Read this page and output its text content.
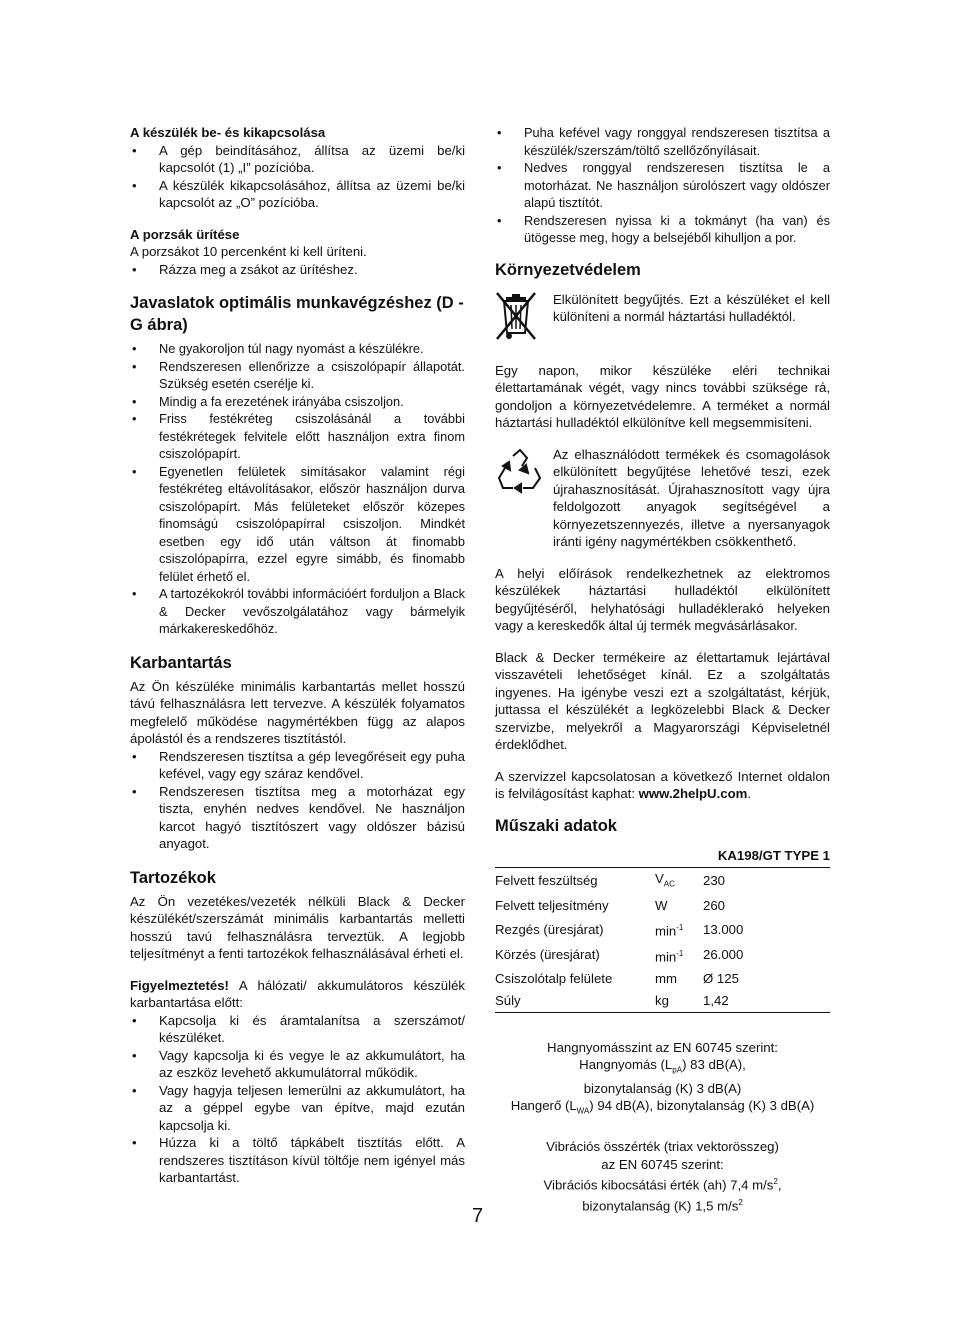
A készülék be- és kikapcsolása
• A gép beindításához, állítsa az üzemi be/ki kapcsolót (1) „I” pozícióba.
• A készülék kikapcsolásához, állítsa az üzemi be/ki kapcsolót az „O” pozícióba.
A porzsák ürítése

A porzsákot 10 percenként ki kell üríteni.

• Rázza meg a zsákot az ürítéshez.
Javaslatok optimális munkavégzéshez (D - G ábra)
• Ne gyakoroljon túl nagy nyomást a készülékre.
• Rendszeresen ellenőrizze a csiszolópapír állapotát. Szükség esetén cserélje ki.
• Mindig a fa erezetének irányába csiszoljon.
• Friss festékréteg csiszolásánál a további festékrétegek felvitele előtt használjon extra finom csiszolópapírt.
• Egyenetlen felületek simításakor valamint régi festékréteg eltávolításakor, először használjon durva csiszolópapírt. Más felületeket először közepes finomságú csiszolópapírral csiszoljon. Mindkét esetben egy idő után váltson át finomabb csiszolópapírra, ezzel egyre simább, és finomabb felület érhető el.
• A tartozékokról további információért forduljon a Black & Decker vevőszolgálatához vagy bármelyik márkakereskedőhöz.
Karbantartás

Az Ön készüléke minimális karbantartás mellet hosszú távú felhasználásra lett tervezve. A készülék folyamatos megfelelő működése nagymértékben függ az alapos ápolástól és a rendszeres tisztítástól.

• Rendszeresen tisztítsa a gép levegőréseit egy puha kefével, vagy egy száraz kendővel.
• Rendszeresen tisztítsa meg a motorházat egy tiszta, enyhén nedves kendővel. Ne használjon karcot hagyó tisztítószert vagy oldószer bázisú anyagot.
Tartozékok

Az Ön vezetékes/vezeték nélküli Black & Decker készülékét/szerszámát minimális karbantartás melletti hosszú tavú felhasználásra terveztük. A legjobb teljesítményt a fenti tartozékok felhasználásával érheti el.

Figyelmeztetés! A hálózati/ akkumulátoros készülék karbantartása előtt:

• Kapcsolja ki és áramtalanítsa a szerszámot/ készüléket.
• Vagy kapcsolja ki és vegye le az akkumulátort, ha az eszköz levehető akkumulátorral működik.
• Vagy hagyja teljesen lemerülni az akkumulátort, ha az a géppel egybe van építve, majd ezután kapcsolja ki.
• Húzza ki a töltő tápkábelt tisztítás előtt. A rendszeres tisztításon kívül töltője nem igényel más karbantartást.
• Puha kefével vagy ronggyal rendszeresen tisztítsa a készülék/szerszám/töltő szellőzőnyílásait.
• Nedves ronggyal rendszeresen tisztítsa le a motorházat. Ne használjon súrolószert vagy oldószer alapú tisztítót.
• Rendszeresen nyissa ki a tokmányt (ha van) és ütögesse meg, hogy a belsejéből kihulljon a por.
Környezetvédelem

Elkülönített begyűjtés. Ezt a készüléket el kell különíteni a normál háztartási hulladéktól.

Egy napon, mikor készüléke eléri technikai élettartamának végét, vagy nincs további szüksége rá, gondoljon a környezetvédelemre. A terméket a normál háztartási hulladéktól elkülönítve kell megsemmisíteni.

Az elhasználódott termékek és csomagolások elkülönített begyűjtése lehetővé teszi, ezek újrahasznosítását. Újrahasznosított vagy újra feldolgozott anyagok segítségével a környezetszennyezés, illetve a nyersanyagok iránti igény nagymértékben csökkenthető.

A helyi előírások rendelkezhetnek az elektromos készülékek háztartási hulladéktól elkülönített begyűjtéséről, helyhatósági hulladéklerakó helyeken vagy a kereskedők által új termék megvásárlásakor.

Black & Decker termékeire az élettartamuk lejártával visszavételi lehetőséget kínál. Ez a szolgáltatás ingyenes. Ha igénybe veszi ezt a szolgáltatást, kérjük, juttassa el készülékét a legközelebbi Black & Decker szervizbe, melyekről a Magyarországi Képviseletnél érdeklődhet.

A szervizzel kapcsolatosan a következő Internet oldalon is felvilágosítást kaphat: www.2helpU.com.

Műszaki adatok
		KA198/GT TYPE 1
Felvett feszültség	$V_{AC}$	230
Felvett teljesítmény	W	260
Rezgés (üresjárat)	$\min^{-1}$	13.000
Körzés (üresjárat)	$\min^{-1}$	26.000
Csiszolótalp felülete	mm	Ø 125
Súly	kg	1,42
Hangnyomásszint az EN 60745 szerint:
Hangnyomás $(L_{pA})$ 83 dB(A),
bizonytalanság (K) 3 dB(A)
Hangerő $(L_{WA})$ 94 dB(A), bizonytalanság (K) 3 dB(A)
Vibrációs összérték (triax vektorösszeg)
az EN 60745 szerint:
Vibrációs kibocsátási érték (ah) 7,4 $m/s^2$,
bizonytalanság (K) 1,5 $m/s^2$
7
